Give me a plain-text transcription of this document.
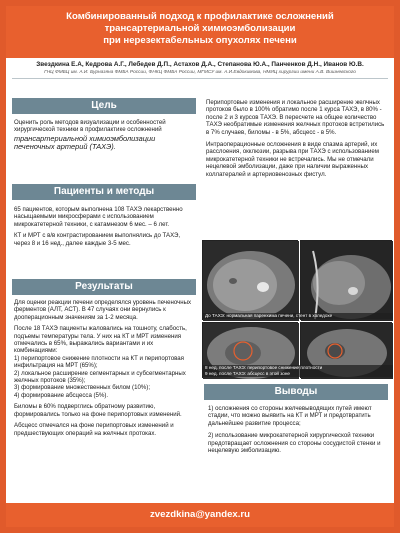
Комбинированный подход к профилактике осложнений
трансартериальной химиоэмболизации
при нерезектабельных опухолях печени
Звездкина Е.А, Кедрова А.Г., Лебедев Д.П., Астахов Д.А., Степанова Ю.А., Панченков Д.Н., Иванов Ю.В.
ГНЦ ФМБЦ им. А.И. Бурназяна ФМБА России, ФНКЦ ФМБА России, МГМСУ им. А.И.Евдокимова, НМИЦ хирургии имени А.В. Вишневского
Цель

Оценить роль методов визуализации и особенностей хирургической техники в профилактике осложнений

трансартериальной химиоэмболизации печеночных артерий (ТАХЭ).

Пациенты и методы

65 пациентов, которым выполнена 108 ТАХЭ лекарственно насыщаемыми микросферами с использованием микрокатетерной техники, с катамнезом 6 мес. – 6 лет.

КТ и МРТ с в/в контрастированием выполнялись до ТАХЭ, через 8 и 16 нед., далее каждые 3-5 мес.

Результаты

Для оценки реакции печени определялся уровень печеночных ферментов (АЛТ, АСТ). В 47 случаях они вернулись к дооперационным значениям за 1-2 месяца.

После 18 ТАХЭ пациенты жаловались на тошноту, слабость, подъемы температуры тела. У них на КТ и МРТ изменения отмечались в 65%, выражались вариантами и их комбинациями:

1) перипортовое снижение плотности на КТ и перипортовая инфильтрация на МРТ (65%);
2) локальное расширение сегментарных и субсегментарных желчных протоков (35%);
3) формирование множественных билом (10%);
4) формирование абсцесса (5%).

Биломы в 60% подверглись обратному развитию, формировались только на фоне перипортовых изменений.

Абсцесс отмечался на фоне перипортовых изменений и предшествующих операций на желчных протоках.

Перипортовые изменения и локальное расширение желчных протоков было в 100% обратимо после 1 курса ТАХЭ, в 80% - после 2 и 3 курсов ТАХЭ. В пересчете на общее количество ТАХЭ необратимые изменения желчных протоков встретились в 7% случаев, биломы - в 5%, абсцесс - в 5%.

Интраоперационные осложнения в виде спазма артерий, их расслоения, окклюзии, разрыва при ТАХЭ с использованием микрокатетерной техники не встречались. Мы не отмечали нецелевой эмболизации, даже при наличии выраженных коллатералей и артериовенозных фистул.

До ТАХЭ: нормальная паренхима печени, стент в холедохе
8 нед. после ТАХЭ: перипортовое снижение плотности
9 нед. после ТАХЭ: абсцесс в этой зоне
Выводы

1) осложнения со стороны желчевыводящих путей имеют стадии, что можно выявить на КТ и МРТ и предотвратить дальнейшее развитие процесса;

2) использование микрокатетерной хирургической техники предотвращает осложнения со стороны сосудистой стенки и нецелевую эмболизацию.

zvezdkina@yandex.ru
